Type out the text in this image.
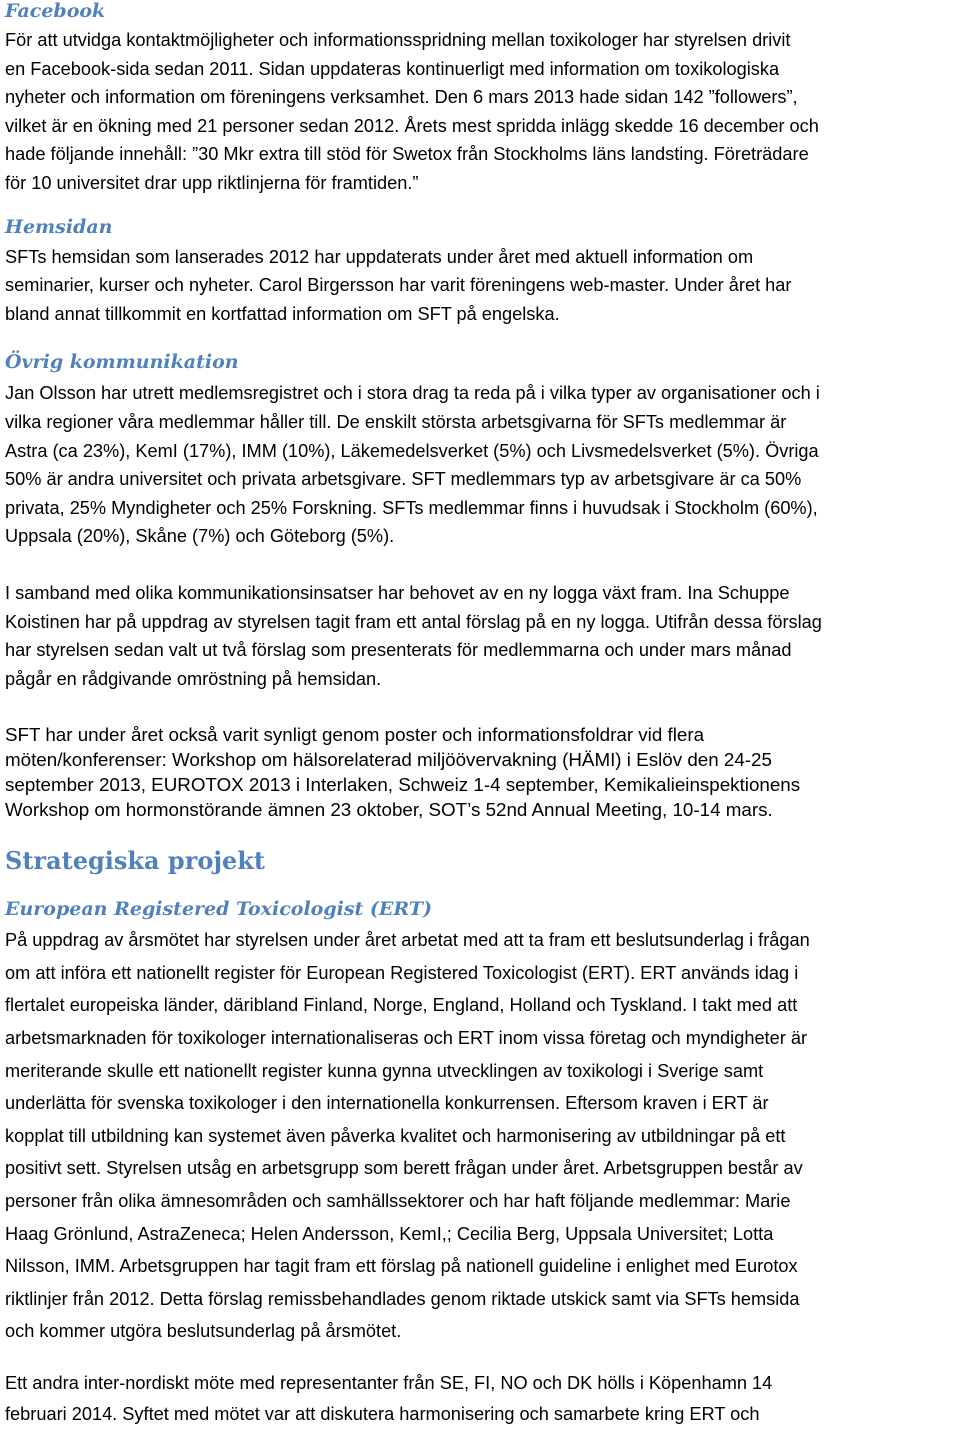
Facebook

För att utvidga kontaktmöjligheter och informationsspridning mellan toxikologer har styrelsen drivit
en Facebook-sida sedan 2011. Sidan uppdateras kontinuerligt med information om toxikologiska
nyheter och information om föreningens verksamhet. Den 6 mars 2013 hade sidan 142 ”followers”,
vilket är en ökning med 21 personer sedan 2012. Årets mest spridda inlägg skedde 16 december och
hade följande innehåll: ”30 Mkr extra till stöd för Swetox från Stockholms läns landsting. Företrädare
för 10 universitet drar upp riktlinjerna för framtiden.”

Hemsidan

SFTs hemsidan som lanserades 2012 har uppdaterats under året med aktuell information om
seminarier, kurser och nyheter. Carol Birgersson har varit föreningens web-master. Under året har
bland annat tillkommit en kortfattad information om SFT på engelska.

Övrig kommunikation

Jan Olsson har utrett medlemsregistret och i stora drag ta reda på i vilka typer av organisationer och i
vilka regioner våra medlemmar håller till. De enskilt största arbetsgivarna för SFTs medlemmar är
Astra (ca 23%), KemI (17%), IMM (10%), Läkemedelsverket (5%) och Livsmedelsverket (5%). Övriga
50% är andra universitet och privata arbetsgivare. SFT medlemmars typ av arbetsgivare är ca 50%
privata, 25% Myndigheter och 25% Forskning. SFTs medlemmar finns i huvudsak i Stockholm (60%),
Uppsala (20%), Skåne (7%) och Göteborg (5%).

I samband med olika kommunikationsinsatser har behovet av en ny logga växt fram. Ina Schuppe
Koistinen har på uppdrag av styrelsen tagit fram ett antal förslag på en ny logga. Utifrån dessa förslag
har styrelsen sedan valt ut två förslag som presenterats för medlemmarna och under mars månad
pågår en rådgivande omröstning på hemsidan.

SFT har under året också varit synligt genom poster och informationsfoldrar vid flera
möten/konferenser: Workshop om hälsorelaterad miljöövervakning (HÄMI) i Eslöv den 24-25
september 2013, EUROTOX 2013 i Interlaken, Schweiz 1-4 september, Kemikalieinspektionens
Workshop om hormonstörande ämnen 23 oktober, SOT’s 52nd Annual Meeting, 10-14 mars.

Strategiska projekt
European Registered Toxicologist (ERT)

På uppdrag av årsmötet har styrelsen under året arbetat med att ta fram ett beslutsunderlag i frågan
om att införa ett nationellt register för European Registered Toxicologist (ERT). ERT används idag i
flertalet europeiska länder, däribland Finland, Norge, England, Holland och Tyskland. I takt med att
arbetsmarknaden för toxikologer internationaliseras och ERT inom vissa företag och myndigheter är
meriterande skulle ett nationellt register kunna gynna utvecklingen av toxikologi i Sverige samt
underlätta för svenska toxikologer i den internationella konkurrensen. Eftersom kraven i ERT är
kopplat till utbildning kan systemet även påverka kvalitet och harmonisering av utbildningar på ett
positivt sett. Styrelsen utsåg en arbetsgrupp som berett frågan under året. Arbetsgruppen består av
personer från olika ämnesområden och samhällssektorer och har haft följande medlemmar: Marie
Haag Grönlund, AstraZeneca; Helen Andersson, KemI,; Cecilia Berg, Uppsala Universitet; Lotta
Nilsson, IMM. Arbetsgruppen har tagit fram ett förslag på nationell guideline i enlighet med Eurotox
riktlinjer från 2012. Detta förslag remissbehandlades genom riktade utskick samt via SFTs hemsida
och kommer utgöra beslutsunderlag på årsmötet.

Ett andra inter-nordiskt möte med representanter från SE, FI, NO och DK hölls i Köpenhamn 14
februari 2014. Syftet med mötet var att diskutera harmonisering och samarbete kring ERT och
